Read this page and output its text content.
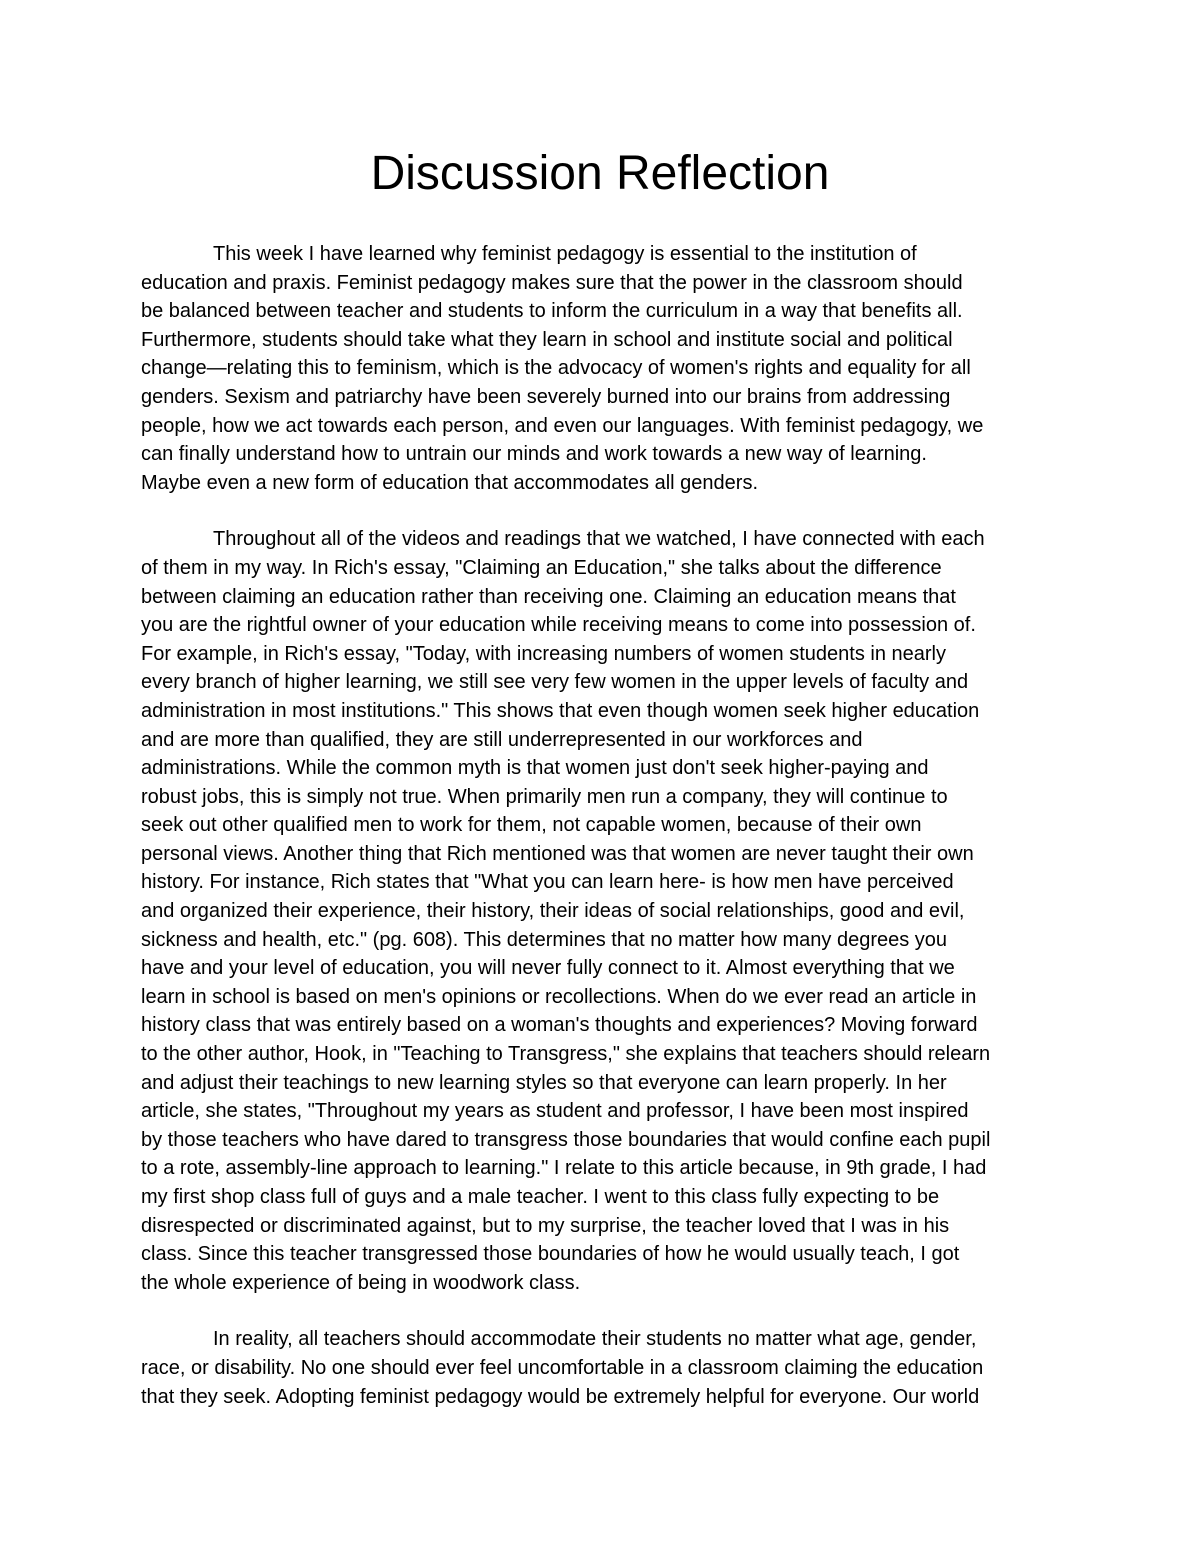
Discussion Reflection

This week I have learned why feminist pedagogy is essential to the institution of
education and praxis. Feminist pedagogy makes sure that the power in the classroom should
be balanced between teacher and students to inform the curriculum in a way that benefits all.
Furthermore, students should take what they learn in school and institute social and political
change—relating this to feminism, which is the advocacy of women's rights and equality for all
genders. Sexism and patriarchy have been severely burned into our brains from addressing
people, how we act towards each person, and even our languages. With feminist pedagogy, we
can finally understand how to untrain our minds and work towards a new way of learning.
Maybe even a new form of education that accommodates all genders.

Throughout all of the videos and readings that we watched, I have connected with each
of them in my way. In Rich's essay, "Claiming an Education," she talks about the difference
between claiming an education rather than receiving one. Claiming an education means that
you are the rightful owner of your education while receiving means to come into possession of.
For example, in Rich's essay, "Today, with increasing numbers of women students in nearly
every branch of higher learning, we still see very few women in the upper levels of faculty and
administration in most institutions." This shows that even though women seek higher education
and are more than qualified, they are still underrepresented in our workforces and
administrations. While the common myth is that women just don't seek higher-paying and
robust jobs, this is simply not true. When primarily men run a company, they will continue to
seek out other qualified men to work for them, not capable women, because of their own
personal views. Another thing that Rich mentioned was that women are never taught their own
history. For instance, Rich states that "What you can learn here- is how men have perceived
and organized their experience, their history, their ideas of social relationships, good and evil,
sickness and health, etc." (pg. 608). This determines that no matter how many degrees you
have and your level of education, you will never fully connect to it. Almost everything that we
learn in school is based on men's opinions or recollections. When do we ever read an article in
history class that was entirely based on a woman's thoughts and experiences? Moving forward
to the other author, Hook, in "Teaching to Transgress," she explains that teachers should relearn
and adjust their teachings to new learning styles so that everyone can learn properly. In her
article, she states, "Throughout my years as student and professor, I have been most inspired
by those teachers who have dared to transgress those boundaries that would confine each pupil
to a rote, assembly-line approach to learning." I relate to this article because, in 9th grade, I had
my first shop class full of guys and a male teacher. I went to this class fully expecting to be
disrespected or discriminated against, but to my surprise, the teacher loved that I was in his
class. Since this teacher transgressed those boundaries of how he would usually teach, I got
the whole experience of being in woodwork class.

In reality, all teachers should accommodate their students no matter what age, gender,
race, or disability. No one should ever feel uncomfortable in a classroom claiming the education
that they seek. Adopting feminist pedagogy would be extremely helpful for everyone. Our world
